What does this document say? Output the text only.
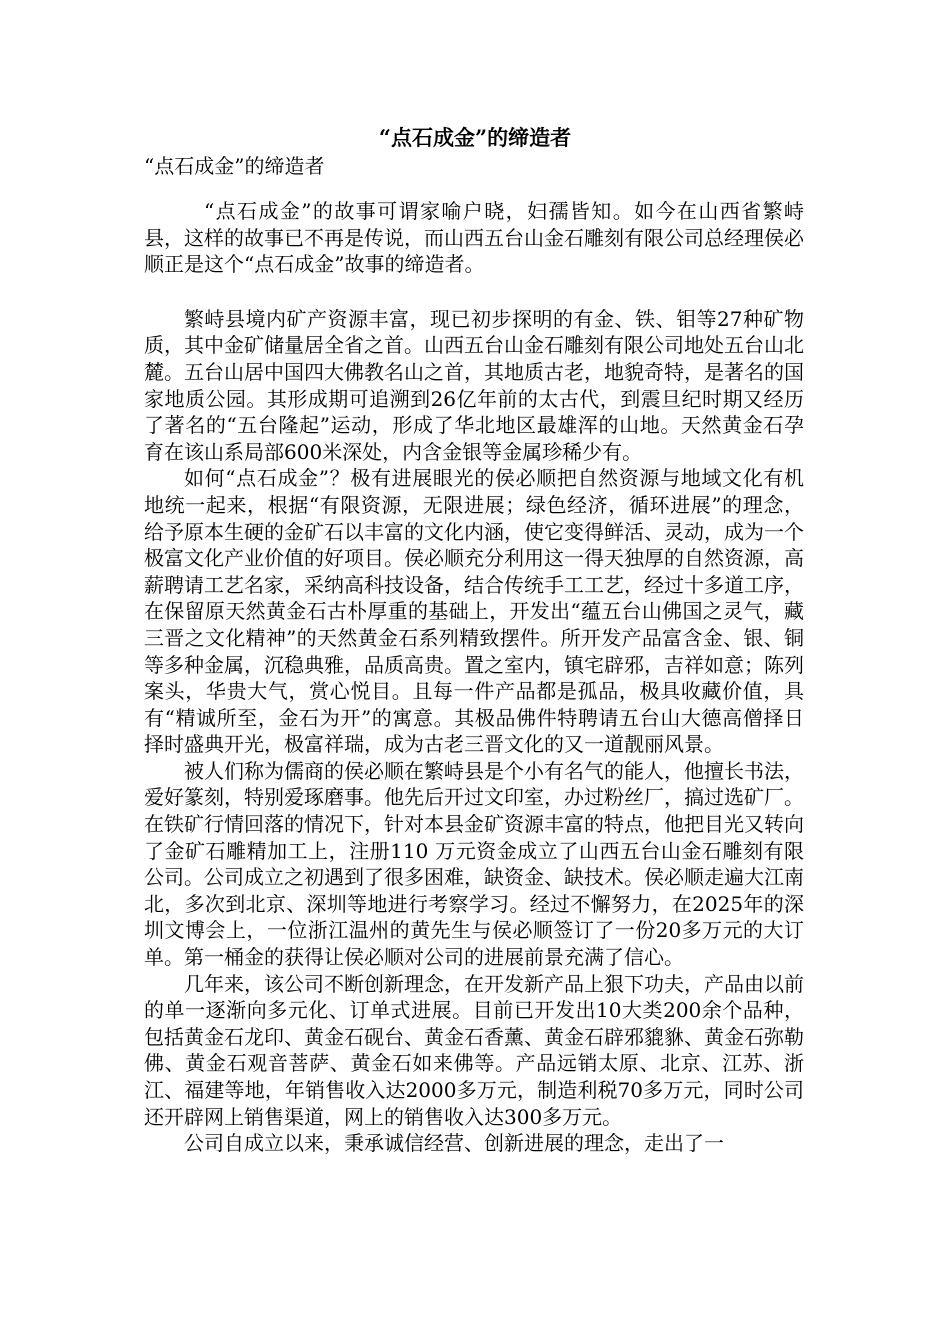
“点石成金”的缔造者
“点石成金”的缔造者

“点石成金”的故事可谓家喻户晓，妇孺皆知。如今在山西省繁峙县，这样的故事已不再是传说，而山西五台山金石雕刻有限公司总经理侯必顺正是这个“点石成金”故事的缔造者。

繁峙县境内矿产资源丰富，现已初步探明的有金、铁、钼等27种矿物质，其中金矿储量居全省之首。山西五台山金石雕刻有限公司地处五台山北麓。五台山居中国四大佛教名山之首，其地质古老，地貌奇特，是著名的国家地质公园。其形成期可追溯到26亿年前的太古代，到震旦纪时期又经历了著名的“五台隆起”运动，形成了华北地区最雄浑的山地。天然黄金石孕育在该山系局部600米深处，内含金银等金属珍稀少有。

如何“点石成金”？极有进展眼光的侯必顺把自然资源与地域文化有机地统一起来，根据“有限资源，无限进展；绿色经济，循环进展”的理念，给予原本生硬的金矿石以丰富的文化内涵，使它变得鲜活、灵动，成为一个极富文化产业价值的好项目。侯必顺充分利用这一得天独厚的自然资源，高薪聘请工艺名家，采纳高科技设备，结合传统手工工艺，经过十多道工序，在保留原天然黄金石古朴厚重的基础上，开发出“蕴五台山佛国之灵气，藏三晋之文化精神”的天然黄金石系列精致摆件。所开发产品富含金、银、铜等多种金属，沉稳典雅，品质高贵。置之室内，镇宅辟邪，吉祥如意；陈列案头，华贵大气，赏心悦目。且每一件产品都是孤品，极具收藏价值，具有“精诚所至，金石为开”的寓意。其极品佛件特聘请五台山大德高僧择日择时盛典开光，极富祥瑞，成为古老三晋文化的又一道靓丽风景。

被人们称为儒商的侯必顺在繁峙县是个小有名气的能人，他擅长书法，爱好篆刻，特别爱琢磨事。他先后开过文印室，办过粉丝厂，搞过选矿厂。在铁矿行情回落的情况下，针对本县金矿资源丰富的特点，他把目光又转向了金矿石雕精加工上，注册110 万元资金成立了山西五台山金石雕刻有限公司。公司成立之初遇到了很多困难，缺资金、缺技术。侯必顺走遍大江南北，多次到北京、深圳等地进行考察学习。经过不懈努力，在2025年的深圳文博会上，一位浙江温州的黄先生与侯必顺签订了一份20多万元的大订单。第一桶金的获得让侯必顺对公司的进展前景充满了信心。

几年来，该公司不断创新理念，在开发新产品上狠下功夫，产品由以前的单一逐渐向多元化、订单式进展。目前已开发出10大类200余个品种，包括黄金石龙印、黄金石砚台、黄金石香薰、黄金石辟邪貔貅、黄金石弥勒佛、黄金石观音菩萨、黄金石如来佛等。产品远销太原、北京、江苏、浙江、福建等地，年销售收入达2000多万元，制造利税70多万元，同时公司还开辟网上销售渠道，网上的销售收入达300多万元。

公司自成立以来，秉承诚信经营、创新进展的理念，走出了一
